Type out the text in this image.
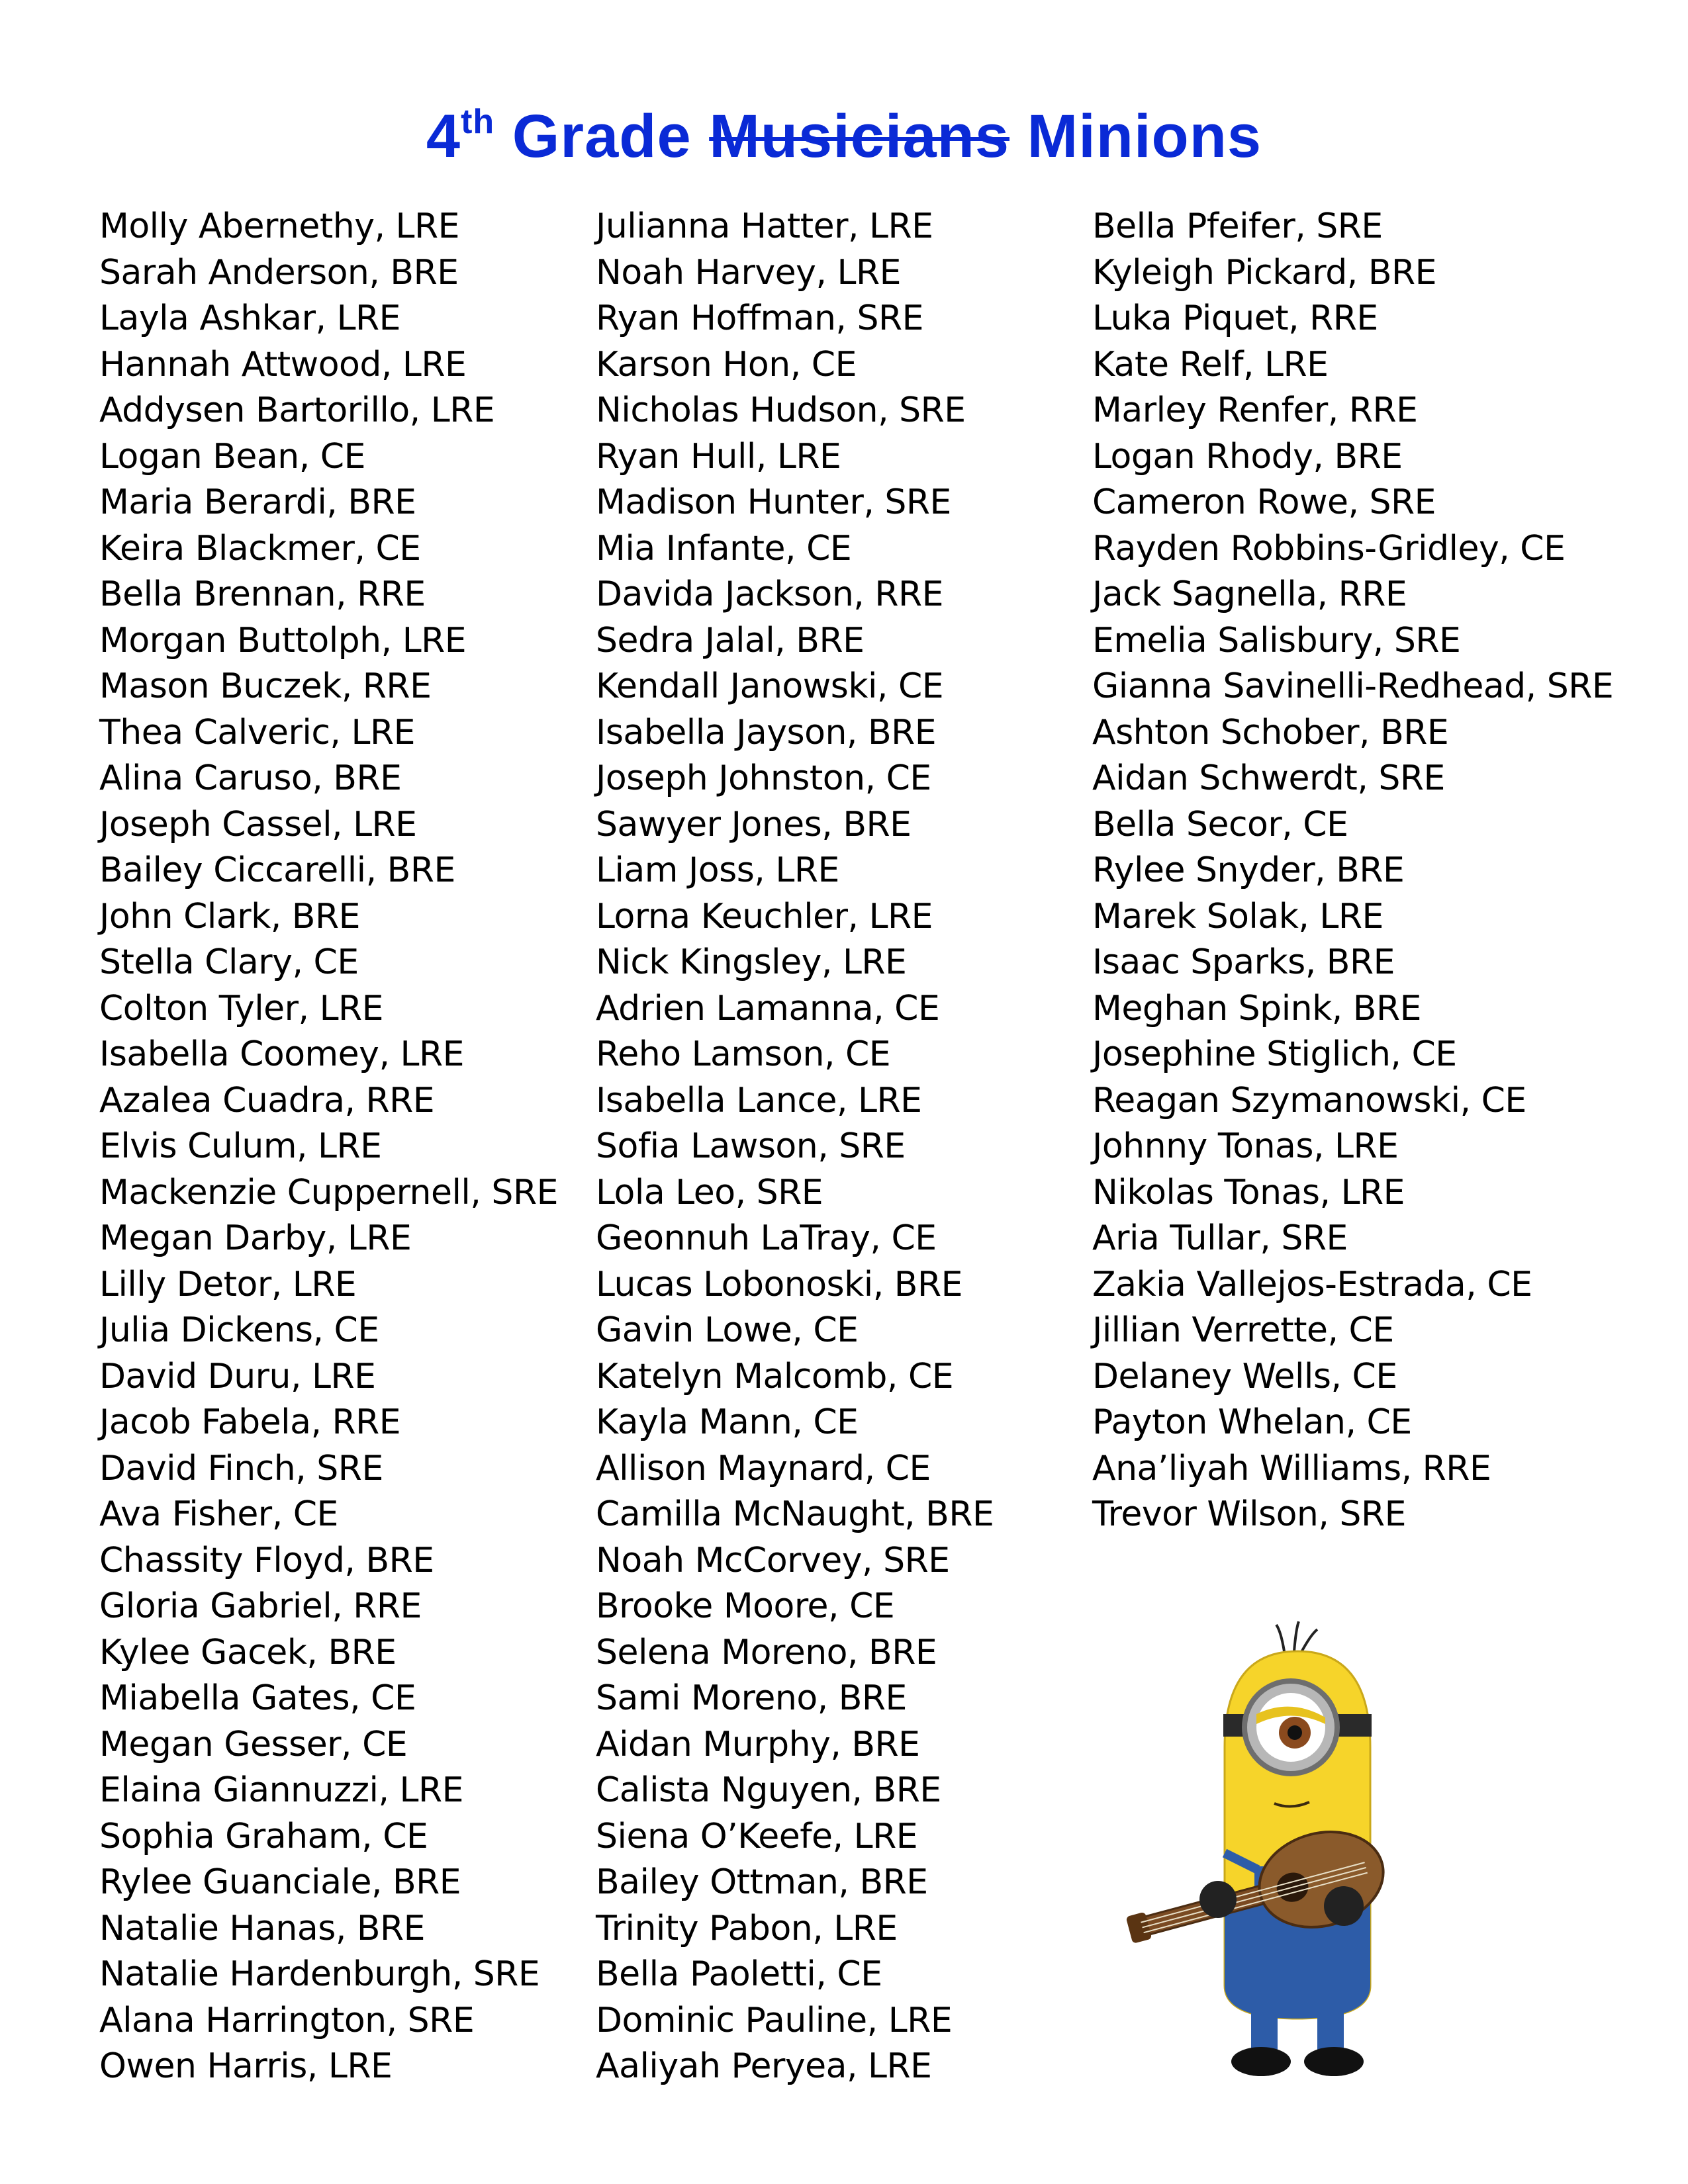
4th Grade Musicians Minions
Molly Abernethy, LRE
Sarah Anderson, BRE
Layla Ashkar, LRE
Hannah Attwood, LRE
Addysen Bartorillo, LRE
Logan Bean, CE
Maria Berardi, BRE
Keira Blackmer, CE
Bella Brennan, RRE
Morgan Buttolph, LRE
Mason Buczek, RRE
Thea Calveric, LRE
Alina Caruso, BRE
Joseph Cassel, LRE
Bailey Ciccarelli, BRE
John Clark, BRE
Stella Clary, CE
Colton Tyler, LRE
Isabella Coomey, LRE
Azalea Cuadra, RRE
Elvis Culum, LRE
Mackenzie Cuppernell, SRE
Megan Darby, LRE
Lilly Detor, LRE
Julia Dickens, CE
David Duru, LRE
Jacob Fabela, RRE
David Finch, SRE
Ava Fisher, CE
Chassity Floyd, BRE
Gloria Gabriel, RRE
Kylee Gacek, BRE
Miabella Gates, CE
Megan Gesser, CE
Elaina Giannuzzi, LRE
Sophia Graham, CE
Rylee Guanciale, BRE
Natalie Hanas, BRE
Natalie Hardenburgh, SRE
Alana Harrington, SRE
Owen Harris, LRE
Julianna Hatter, LRE
Noah Harvey, LRE
Ryan Hoffman, SRE
Karson Hon, CE
Nicholas Hudson, SRE
Ryan Hull, LRE
Madison Hunter, SRE
Mia Infante, CE
Davida Jackson, RRE
Sedra Jalal, BRE
Kendall Janowski, CE
Isabella Jayson, BRE
Joseph Johnston, CE
Sawyer Jones, BRE
Liam Joss, LRE
Lorna Keuchler, LRE
Nick Kingsley, LRE
Adrien Lamanna, CE
Reho Lamson, CE
Isabella Lance, LRE
Sofia Lawson, SRE
Lola Leo, SRE
Geonnuh LaTray, CE
Lucas Lobonoski, BRE
Gavin Lowe, CE
Katelyn Malcomb, CE
Kayla Mann, CE
Allison Maynard, CE
Camilla McNaught, BRE
Noah McCorvey, SRE
Brooke Moore, CE
Selena Moreno, BRE
Sami Moreno, BRE
Aidan Murphy, BRE
Calista Nguyen, BRE
Siena O’Keefe, LRE
Bailey Ottman, BRE
Trinity Pabon, LRE
Bella Paoletti, CE
Dominic Pauline, LRE
Aaliyah Peryea, LRE
Bella Pfeifer, SRE
Kyleigh Pickard, BRE
Luka Piquet, RRE
Kate Relf, LRE
Marley Renfer, RRE
Logan Rhody, BRE
Cameron Rowe, SRE
Rayden Robbins-Gridley, CE
Jack Sagnella, RRE
Emelia Salisbury, SRE
Gianna Savinelli-Redhead, SRE
Ashton Schober, BRE
Aidan Schwerdt, SRE
Bella Secor, CE
Rylee Snyder, BRE
Marek Solak, LRE
Isaac Sparks, BRE
Meghan Spink, BRE
Josephine Stiglich, CE
Reagan Szymanowski, CE
Johnny Tonas, LRE
Nikolas Tonas, LRE
Aria Tullar, SRE
Zakia Vallejos-Estrada, CE
Jillian Verrette, CE
Delaney Wells, CE
Payton Whelan, CE
Ana’liyah Williams, RRE
Trevor Wilson, SRE
